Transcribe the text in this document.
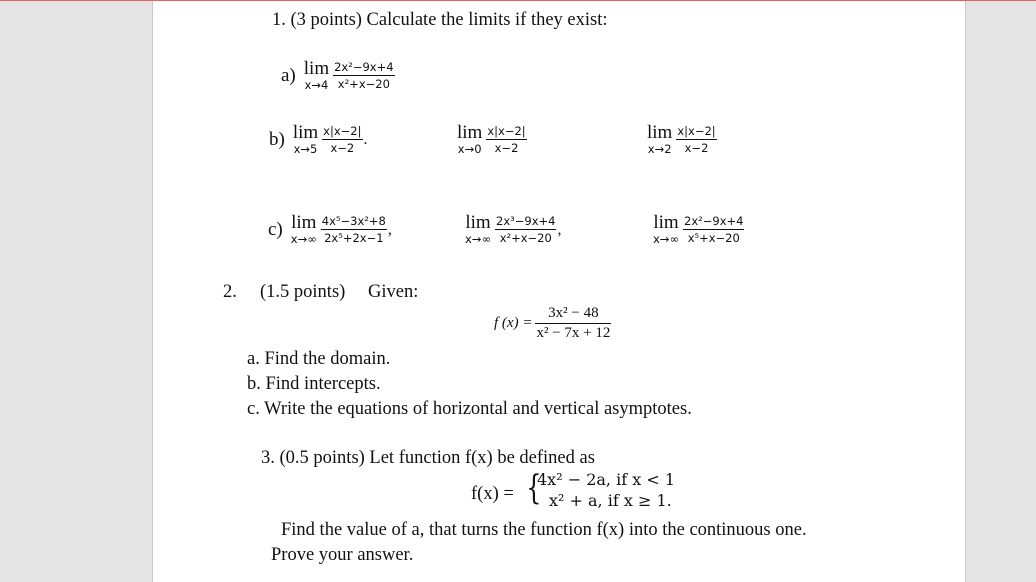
1. (3 points) Calculate the limits if they exist:
a) lim
$x\to 4 \frac{\text{2x²−9x+4}}{\text{x²+x−20}}$
b) lim
$x\to 5 \frac{x|x-2|}{x-2}$ .	lim
$x\to 0 \frac{x|x-2|}{x-2}$	lim
$x\to 2 \frac{x|x-2|}{x-2}$
c) lim
$x\to\infty \frac{\text{4x⁵−3x²+8}}{\text{2x⁵+2x−1}}$ ,	lim
$x\to\infty \frac{\text{2x³−9x+4}}{\text{x²+x−20}}$ ,	lim
$x\to\infty \frac{\text{2x²−9x+4}}{\text{x⁵+x−20}}$
2. (1.5 points) Given:
f $(x) = \frac{\text{3x² − 48}}{\text{x² − 7x + 12}}$
a. Find the domain.
b. Find intercepts.
c. Write the equations of horizontal and vertical asymptotes.
3. (0.5 points) Let function f(x) be defined as
f(x) = {
4x² − 2a, if x < 1
x² + a, if x ≥ 1.
Find the value of a, that turns the function f(x) into the continuous one.
Prove your answer.
